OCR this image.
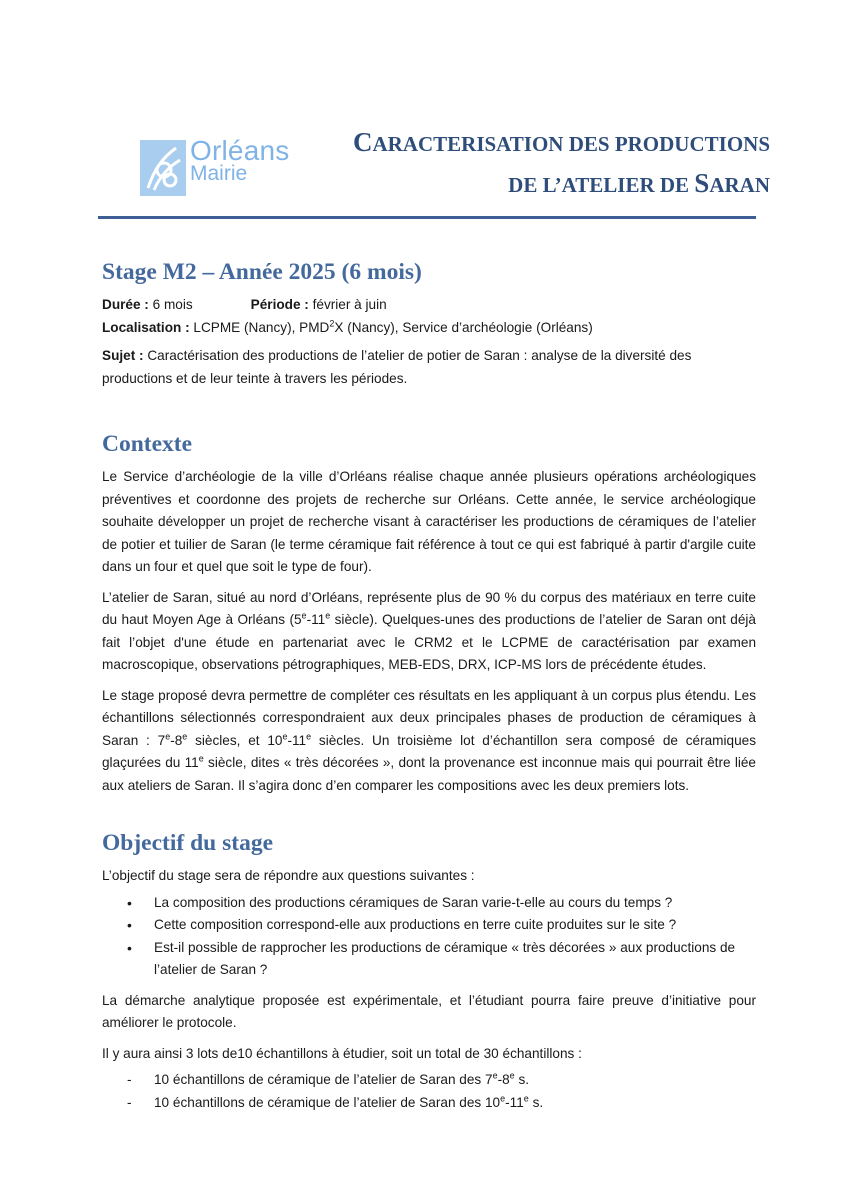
Orléans
Mairie
CARACTERISATION DES PRODUCTIONS
DE L’ATELIER DE SARAN
Stage M2 – Année 2025 (6 mois)
Durée : 6 mois	Période : février à juin
Localisation : LCPME (Nancy), PMD$^2$X (Nancy), Service d’archéologie (Orléans)

Sujet : Caractérisation des productions de l’atelier de potier de Saran : analyse de la diversité des productions et de leur teinte à travers les périodes.

Contexte

Le Service d’archéologie de la ville d’Orléans réalise chaque année plusieurs opérations archéologiques préventives et coordonne des projets de recherche sur Orléans. Cette année, le service archéologique souhaite développer un projet de recherche visant à caractériser les productions de céramiques de l’atelier de potier et tuilier de Saran (le terme céramique fait référence à tout ce qui est fabriqué à partir d'argile cuite dans un four et quel que soit le type de four).

L’atelier de Saran, situé au nord d’Orléans, représente plus de 90 % du corpus des matériaux en terre cuite du haut Moyen Age à Orléans (5e-11e siècle). Quelques-unes des productions de l’atelier de Saran ont déjà fait l’objet d'une étude en partenariat avec le CRM2 et le LCPME de caractérisation par examen macroscopique, observations pétrographiques, MEB-EDS, DRX, ICP-MS lors de précédente études.

Le stage proposé devra permettre de compléter ces résultats en les appliquant à un corpus plus étendu. Les échantillons sélectionnés correspondraient aux deux principales phases de production de céramiques à Saran : 7e-8e siècles, et 10e-11e siècles. Un troisième lot d’échantillon sera composé de céramiques glaçurées du 11e siècle, dites « très décorées », dont la provenance est inconnue mais qui pourrait être liée aux ateliers de Saran. Il s’agira donc d’en comparer les compositions avec les deux premiers lots.

Objectif du stage

L’objectif du stage sera de répondre aux questions suivantes :

• La composition des productions céramiques de Saran varie-t-elle au cours du temps ?
• Cette composition correspond-elle aux productions en terre cuite produites sur le site ?
• Est-il possible de rapprocher les productions de céramique « très décorées » aux productions de l’atelier de Saran ?

La démarche analytique proposée est expérimentale, et l’étudiant pourra faire preuve d’initiative pour améliorer le protocole.

Il y aura ainsi 3 lots de10 échantillons à étudier, soit un total de 30 échantillons :

- 10 échantillons de céramique de l’atelier de Saran des 7e-8e s.
- 10 échantillons de céramique de l’atelier de Saran des 10e-11e s.
